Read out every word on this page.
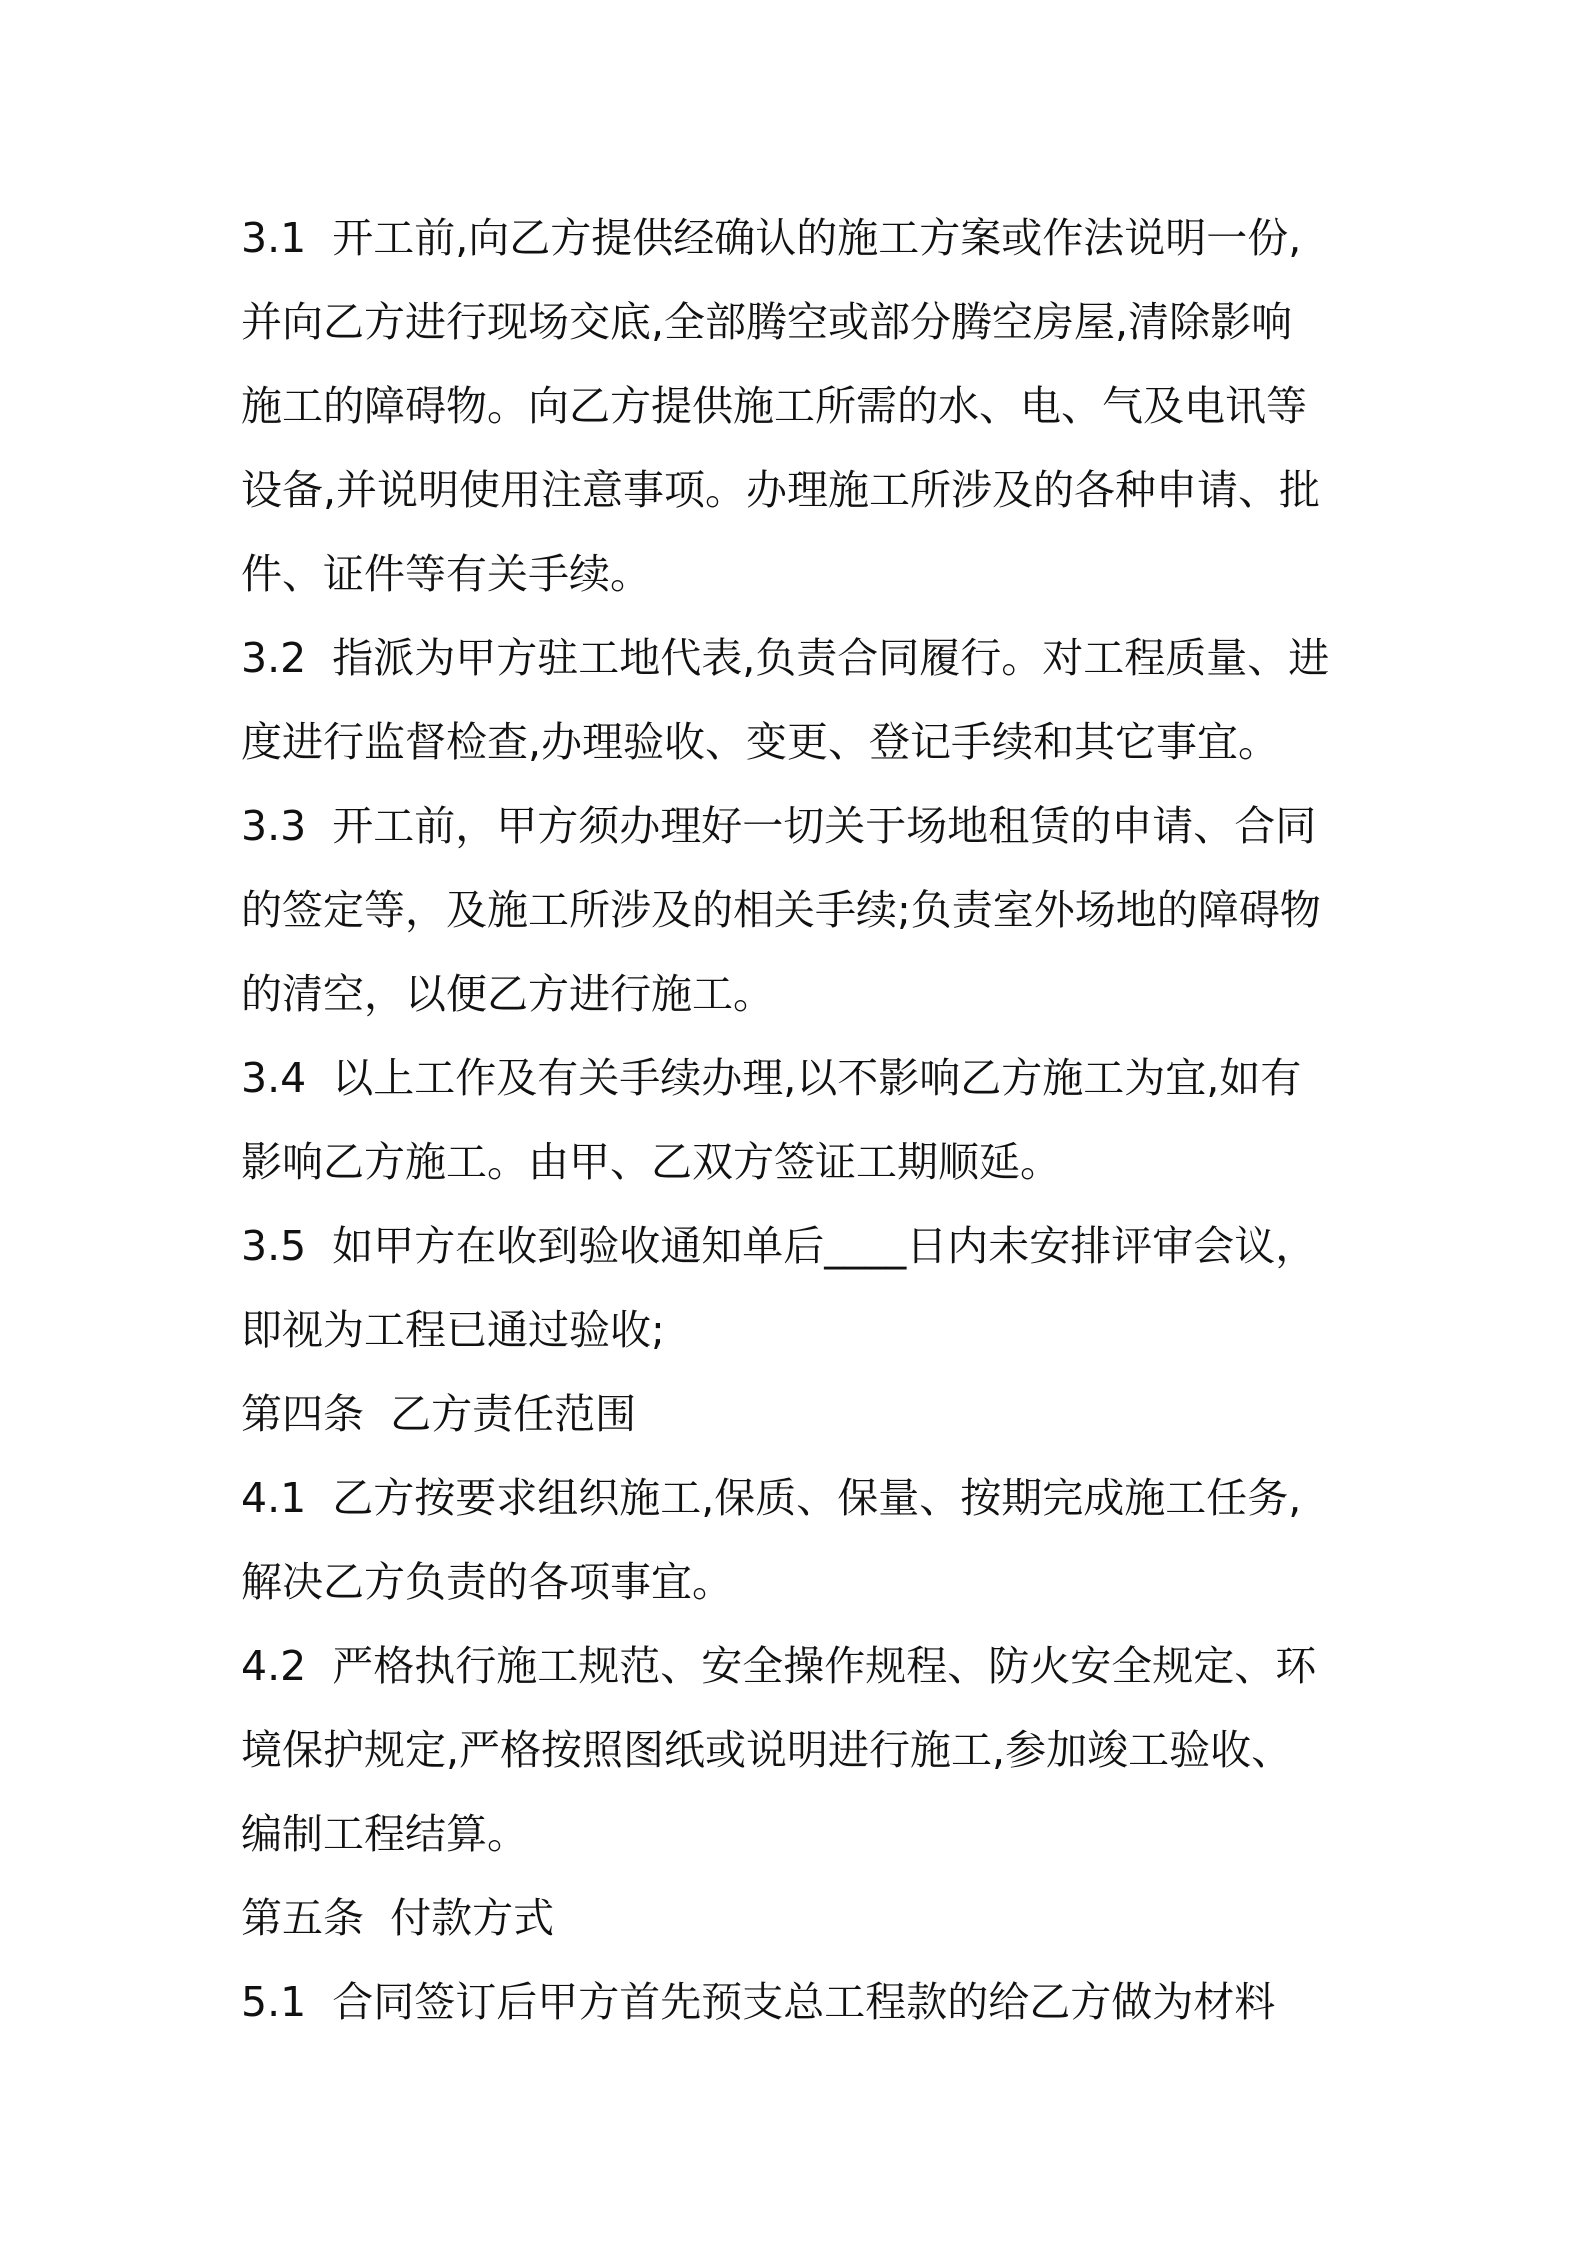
3.1  开工前,向乙方提供经确认的施工方案或作法说明一份,
并向乙方进行现场交底,全部腾空或部分腾空房屋,清除影响
施工的障碍物。向乙方提供施工所需的水、电、气及电讯等
设备,并说明使用注意事项。办理施工所涉及的各种申请、批
件、证件等有关手续。
3.2  指派为甲方驻工地代表,负责合同履行。对工程质量、进
度进行监督检查,办理验收、变更、登记手续和其它事宜。
3.3  开工前，甲方须办理好一切关于场地租赁的申请、合同
的签定等，及施工所涉及的相关手续;负责室外场地的障碍物
的清空，以便乙方进行施工。
3.4  以上工作及有关手续办理,以不影响乙方施工为宜,如有
影响乙方施工。由甲、乙双方签证工期顺延。
3.5  如甲方在收到验收通知单后____日内未安排评审会议，
即视为工程已通过验收;
第四条  乙方责任范围
4.1  乙方按要求组织施工,保质、保量、按期完成施工任务,
解决乙方负责的各项事宜。
4.2  严格执行施工规范、安全操作规程、防火安全规定、环
境保护规定,严格按照图纸或说明进行施工,参加竣工验收、
编制工程结算。
第五条  付款方式
5.1  合同签订后甲方首先预支总工程款的给乙方做为材料
